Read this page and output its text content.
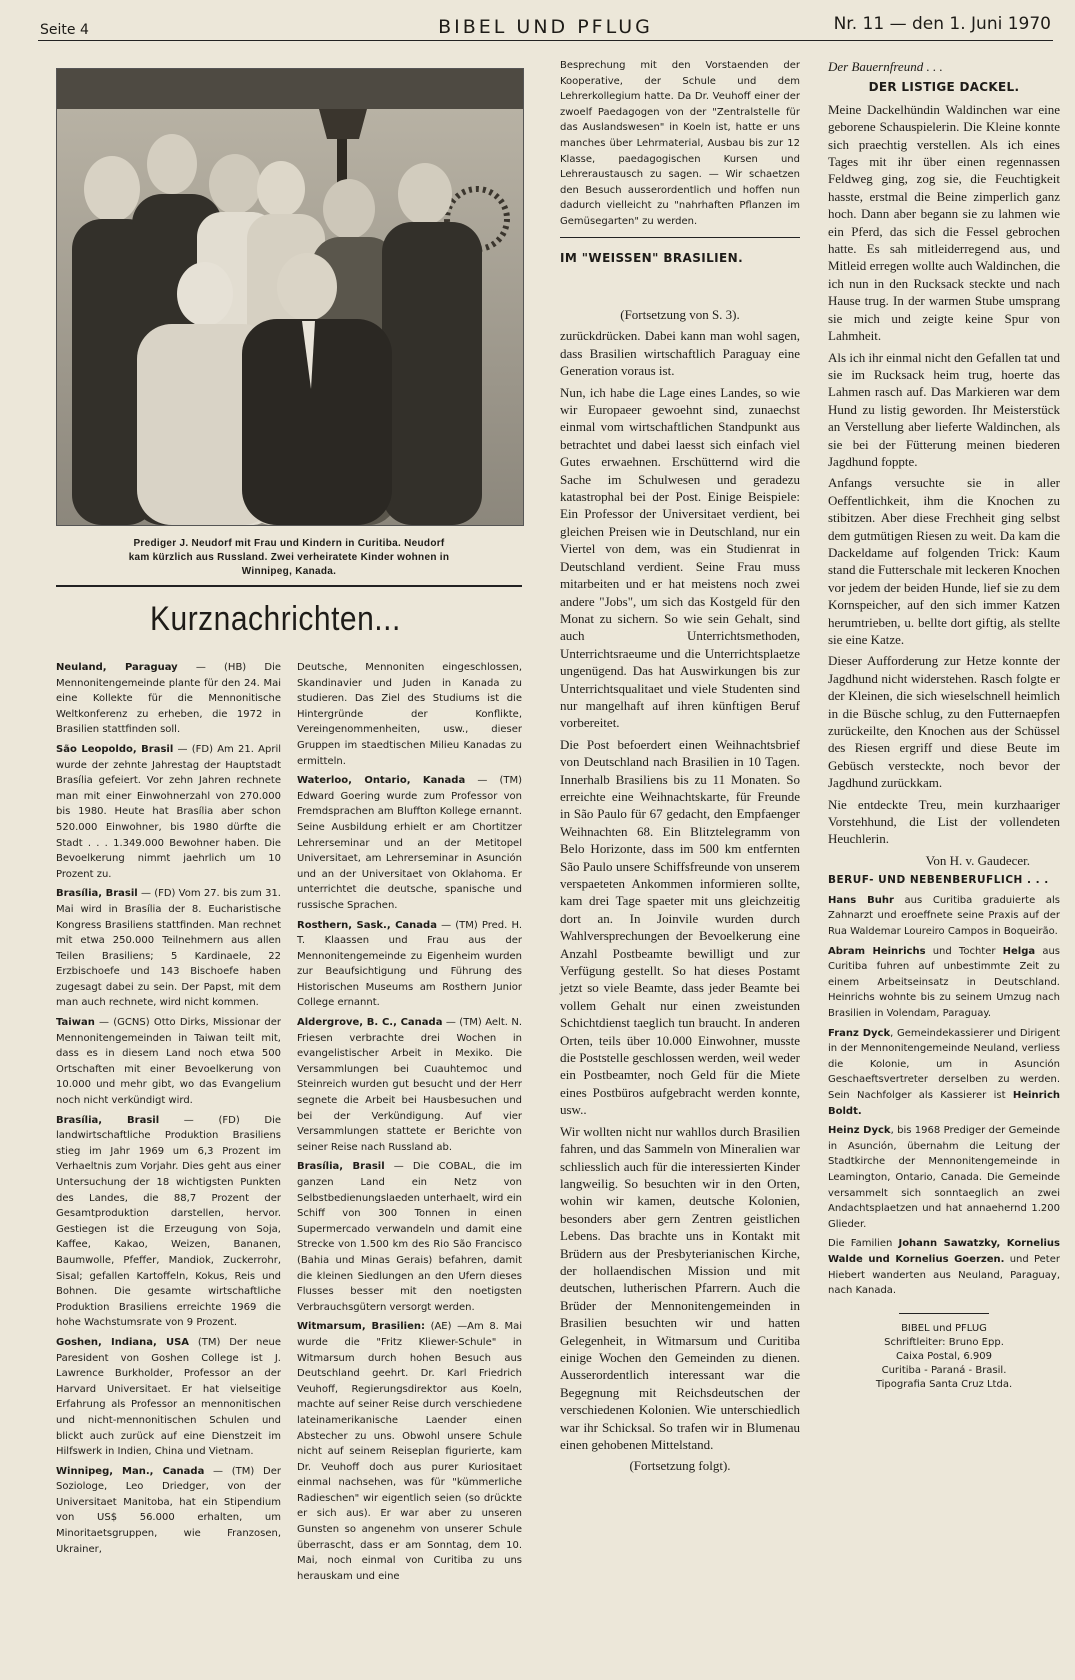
Seite 4	BIBEL UND PFLUG	Nr. 11 — den 1. Juni 1970
Prediger J. Neudorf mit Frau und Kindern in Curitiba. Neudorf
kam kürzlich aus Russland. Zwei verheiratete Kinder wohnen in
Winnipeg, Kanada.
Kurznachrichten...

Neuland, Paraguay — (HB) Die Mennonitengemeinde plante für den 24. Mai eine Kollekte für die Mennonitische Weltkonferenz zu erheben, die 1972 in Brasilien stattfinden soll.

São Leopoldo, Brasil — (FD) Am 21. April wurde der zehnte Jahrestag der Hauptstadt Brasília gefeiert. Vor zehn Jahren rechnete man mit einer Einwohnerzahl von 270.000 bis 1980. Heute hat Brasília aber schon 520.000 Einwohner, bis 1980 dürfte die Stadt . . . 1.349.000 Bewohner haben. Die Bevoelkerung nimmt jaehrlich um 10 Prozent zu.

Brasília, Brasil — (FD) Vom 27. bis zum 31. Mai wird in Brasília der 8. Eucharistische Kongress Brasiliens stattfinden. Man rechnet mit etwa 250.000 Teilnehmern aus allen Teilen Brasiliens; 5 Kardinaele, 22 Erzbischoefe und 143 Bischoefe haben zugesagt dabei zu sein. Der Papst, mit dem man auch rechnete, wird nicht kommen.

Taiwan — (GCNS) Otto Dirks, Missionar der Mennonitengemeinden in Taiwan teilt mit, dass es in diesem Land noch etwa 500 Ortschaften mit einer Bevoelkerung von 10.000 und mehr gibt, wo das Evangelium noch nicht verkündigt wird.

Brasília, Brasil — (FD) Die landwirtschaftliche Produktion Brasiliens stieg im Jahr 1969 um 6,3 Prozent im Verhaeltnis zum Vorjahr. Dies geht aus einer Untersuchung der 18 wichtigsten Punkten des Landes, die 88,7 Prozent der Gesamtproduktion darstellen, hervor. Gestiegen ist die Erzeugung von Soja, Kaffee, Kakao, Weizen, Bananen, Baumwolle, Pfeffer, Mandiok, Zuckerrohr, Sisal; gefallen Kartoffeln, Kokus, Reis und Bohnen. Die gesamte wirtschaftliche Produktion Brasiliens erreichte 1969 die hohe Wachstumsrate von 9 Prozent.

Goshen, Indiana, USA (TM) Der neue Paresident von Goshen College ist J. Lawrence Burkholder, Professor an der Harvard Universitaet. Er hat vielseitige Erfahrung als Professor an mennonitischen und nicht-mennonitischen Schulen und blickt auch zurück auf eine Dienstzeit im Hilfswerk in Indien, China und Vietnam.

Winnipeg, Man., Canada — (TM) Der Soziologe, Leo Driedger, von der Universitaet Manitoba, hat ein Stipendium von US$ 56.000 erhalten, um Minoritaetsgruppen, wie Franzosen, Ukrainer,

Deutsche, Mennoniten eingeschlossen, Skandinavier und Juden in Kanada zu studieren. Das Ziel des Studiums ist die Hintergründe der Konflikte, Vereingenommenheiten, usw., dieser Gruppen im staedtischen Milieu Kanadas zu ermitteln.

Waterloo, Ontario, Kanada — (TM) Edward Goering wurde zum Professor von Fremdsprachen am Bluffton Kollege ernannt. Seine Ausbildung erhielt er am Chortitzer Lehrerseminar und an der Metitopel Universitaet, am Lehrerseminar in Asunción und an der Universitaet von Oklahoma. Er unterrichtet die deutsche, spanische und russische Sprachen.

Rosthern, Sask., Canada — (TM) Pred. H. T. Klaassen und Frau aus der Mennonitengemeinde zu Eigenheim wurden zur Beaufsichtigung und Führung des Historischen Museums am Rosthern Junior College ernannt.

Aldergrove, B. C., Canada — (TM) Aelt. N. Friesen verbrachte drei Wochen in evangelistischer Arbeit in Mexiko. Die Versammlungen bei Cuauhtemoc und Steinreich wurden gut besucht und der Herr segnete die Arbeit bei Hausbesuchen und bei der Verkündigung. Auf vier Versammlungen stattete er Berichte von seiner Reise nach Russland ab.

Brasília, Brasil — Die COBAL, die im ganzen Land ein Netz von Selbstbedienungslaeden unterhaelt, wird ein Schiff von 300 Tonnen in einen Supermercado verwandeln und damit eine Strecke von 1.500 km des Rio São Francisco (Bahia und Minas Gerais) befahren, damit die kleinen Siedlungen an den Ufern dieses Flusses besser mit den noetigsten Verbrauchsgütern versorgt werden.

Witmarsum, Brasilien: (AE) —Am 8. Mai wurde die "Fritz Kliewer-Schule" in Witmarsum durch hohen Besuch aus Deutschland geehrt. Dr. Karl Friedrich Veuhoff, Regierungsdirektor aus Koeln, machte auf seiner Reise durch verschiedene lateinamerikanische Laender einen Abstecher zu uns. Obwohl unsere Schule nicht auf seinem Reiseplan figurierte, kam Dr. Veuhoff doch aus purer Kuriositaet einmal nachsehen, was für "kümmerliche Radieschen" wir eigentlich seien (so drückte er sich aus). Er war aber zu unseren Gunsten so angenehm von unserer Schule überrascht, dass er am Sonntag, dem 10. Mai, noch einmal von Curitiba zu uns herauskam und eine

Besprechung mit den Vorstaenden der Kooperative, der Schule und dem Lehrerkollegium hatte. Da Dr. Veuhoff einer der zwoelf Paedagogen von der "Zentralstelle für das Auslandswesen" in Koeln ist, hatte er uns manches über Lehrmaterial, Ausbau bis zur 12 Klasse, paedagogischen Kursen und Lehreraustausch zu sagen. — Wir schaetzen den Besuch ausserordentlich und hoffen nun dadurch vielleicht zu "nahrhaften Pflanzen im Gemüsegarten" zu werden.

IM "WEISSEN" BRASILIEN.

(Fortsetzung von S. 3).

zurückdrücken. Dabei kann man wohl sagen, dass Brasilien wirtschaftlich Paraguay eine Generation voraus ist.

Nun, ich habe die Lage eines Landes, so wie wir Europaeer gewoehnt sind, zunaechst einmal vom wirtschaftlichen Standpunkt aus betrachtet und dabei laesst sich einfach viel Gutes erwaehnen. Erschütternd wird die Sache im Schulwesen und geradezu katastrophal bei der Post. Einige Beispiele: Ein Professor der Universitaet verdient, bei gleichen Preisen wie in Deutschland, nur ein Viertel von dem, was ein Studienrat in Deutschland verdient. Seine Frau muss mitarbeiten und er hat meistens noch zwei andere "Jobs", um sich das Kostgeld für den Monat zu sichern. So wie sein Gehalt, sind auch Unterrichtsmethoden, Unterrichtsraeume und die Unterrichtsplaetze ungenügend. Das hat Auswirkungen bis zur Unterrichtsqualitaet und viele Studenten sind nur mangelhaft auf ihren künftigen Beruf vorbereitet.

Die Post befoerdert einen Weihnachtsbrief von Deutschland nach Brasilien in 10 Tagen. Innerhalb Brasiliens bis zu 11 Monaten. So erreichte eine Weihnachtskarte, für Freunde in São Paulo für 67 gedacht, den Empfaenger Weihnachten 68. Ein Blitztelegramm von Belo Horizonte, dass im 500 km entfernten São Paulo unsere Schiffsfreunde von unserem verspaeteten Ankommen informieren sollte, kam drei Tage spaeter mit uns gleichzeitig dort an. In Joinvile wurden durch Wahlversprechungen der Bevoelkerung eine Anzahl Postbeamte bewilligt und zur Verfügung gestellt. So hat dieses Postamt jetzt so viele Beamte, dass jeder Beamte bei vollem Gehalt nur einen zweistunden Schichtdienst taeglich tun braucht. In anderen Orten, teils über 10.000 Einwohner, musste die Poststelle geschlossen werden, weil weder ein Postbeamter, noch Geld für die Miete eines Postbüros aufgebracht werden konnte, usw..

Wir wollten nicht nur wahllos durch Brasilien fahren, und das Sammeln von Mineralien war schliesslich auch für die interessierten Kinder langweilig. So besuchten wir in den Orten, wohin wir kamen, deutsche Kolonien, besonders aber gern Zentren geistlichen Lebens. Das brachte uns in Kontakt mit Brüdern aus der Presbyterianischen Kirche, der hollaendischen Mission und mit deutschen, lutherischen Pfarrern. Auch die Brüder der Mennonitengemeinden in Brasilien besuchten wir und hatten Gelegenheit, in Witmarsum und Curitiba einige Wochen den Gemeinden zu dienen. Ausserordentlich interessant war die Begegnung mit Reichsdeutschen der verschiedenen Kolonien. Wie unterschiedlich war ihr Schicksal. So trafen wir in Blumenau einen gehobenen Mittelstand.

(Fortsetzung folgt).

Der Bauernfreund . . .

DER LISTIGE DACKEL.

Meine Dackelhündin Waldinchen war eine geborene Schauspielerin. Die Kleine konnte sich praechtig verstellen. Als ich eines Tages mit ihr über einen regennassen Feldweg ging, zog sie, die Feuchtigkeit hasste, erstmal die Beine zimperlich ganz hoch. Dann aber begann sie zu lahmen wie ein Pferd, das sich die Fessel gebrochen hatte. Es sah mitleiderregend aus, und Mitleid erregen wollte auch Waldinchen, die ich nun in den Rucksack steckte und nach Hause trug. In der warmen Stube umsprang sie mich und zeigte keine Spur von Lahmheit.

Als ich ihr einmal nicht den Gefallen tat und sie im Rucksack heim trug, hoerte das Lahmen rasch auf. Das Markieren war dem Hund zu listig geworden. Ihr Meisterstück an Verstellung aber lieferte Waldinchen, als sie bei der Fütterung meinen biederen Jagdhund foppte.

Anfangs versuchte sie in aller Oeffentlichkeit, ihm die Knochen zu stibitzen. Aber diese Frechheit ging selbst dem gutmütigen Riesen zu weit. Da kam die Dackeldame auf folgenden Trick: Kaum stand die Futterschale mit leckeren Knochen vor jedem der beiden Hunde, lief sie zu dem Kornspeicher, auf den sich immer Katzen herumtrieben, u. bellte dort giftig, als stellte sie eine Katze.

Dieser Aufforderung zur Hetze konnte der Jagdhund nicht widerstehen. Rasch folgte er der Kleinen, die sich wieselschnell heimlich in die Büsche schlug, zu den Futternaepfen zurückeilte, den Knochen aus der Schüssel des Riesen ergriff und diese Beute im Gebüsch versteckte, noch bevor der Jagdhund zurückkam.

Nie entdeckte Treu, mein kurzhaariger Vorstehhund, die List der vollendeten Heuchlerin.

Von H. v. Gaudecer.

BERUF- UND NEBENBERUFLICH . . .

Hans Buhr aus Curitiba graduierte als Zahnarzt und eroeffnete seine Praxis auf der Rua Waldemar Loureiro Campos in Boqueirão.

Abram Heinrichs und Tochter Helga aus Curitiba fuhren auf unbestimmte Zeit zu einem Arbeitseinsatz in Deutschland. Heinrichs wohnte bis zu seinem Umzug nach Brasilien in Volendam, Paraguay.

Franz Dyck, Gemeindekassierer und Dirigent in der Mennonitengemeinde Neuland, verliess die Kolonie, um in Asunción Geschaeftsvertreter derselben zu werden. Sein Nachfolger als Kassierer ist Heinrich Boldt.

Heinz Dyck, bis 1968 Prediger der Gemeinde in Asunción, übernahm die Leitung der Stadtkirche der Mennonitengemeinde in Leamington, Ontario, Canada. Die Gemeinde versammelt sich sonntaeglich an zwei Andachtsplaetzen und hat annaehernd 1.200 Glieder.

Die Familien Johann Sawatzky, Kornelius Walde und Kornelius Goerzen. und Peter Hiebert wanderten aus Neuland, Paraguay, nach Kanada.

BIBEL und PFLUG
Schriftleiter: Bruno Epp.
Caixa Postal, 6.909
Curitiba - Paraná - Brasil.
Tipografia Santa Cruz Ltda.
